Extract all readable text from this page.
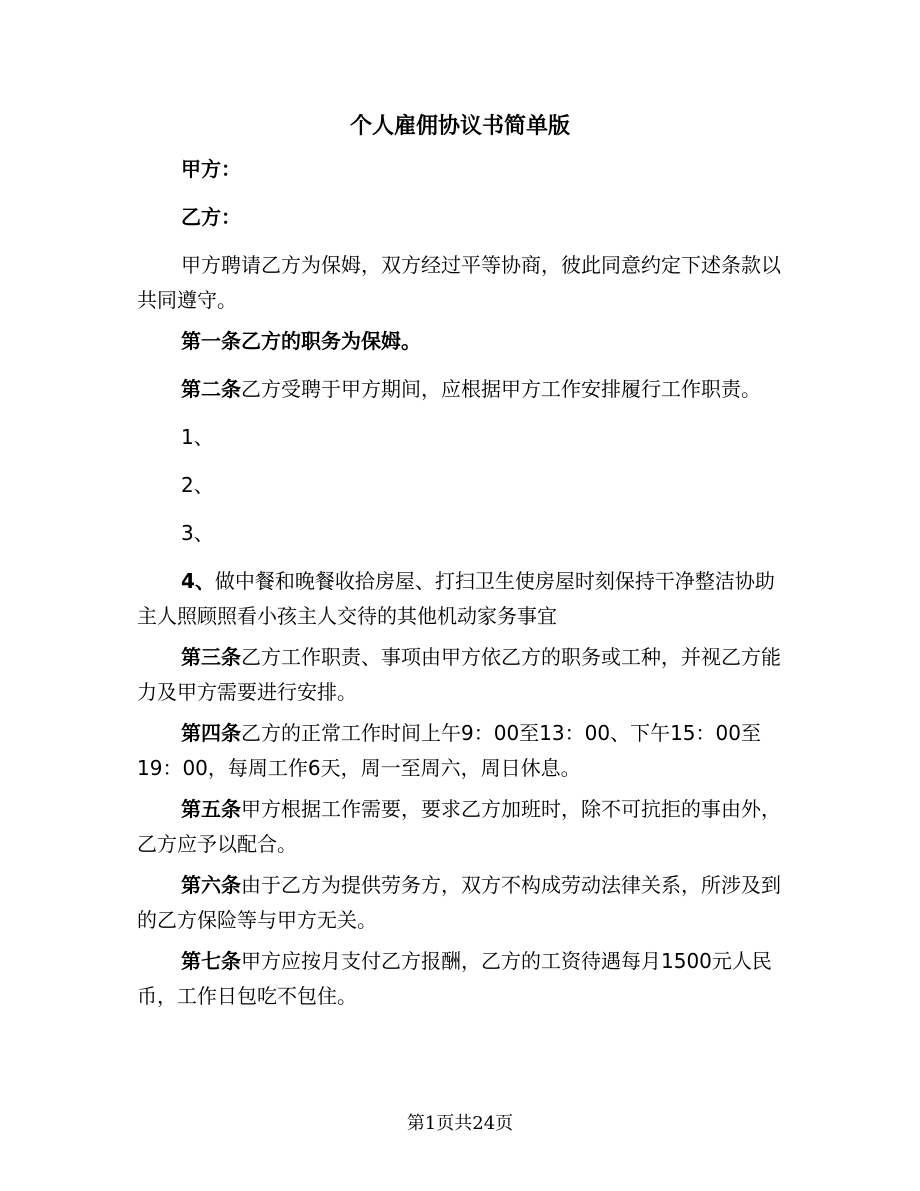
个人雇佣协议书简单版

甲方：

乙方：

甲方聘请乙方为保姆，双方经过平等协商，彼此同意约定下述条款以共同遵守。

第一条乙方的职务为保姆。

第二条乙方受聘于甲方期间，应根据甲方工作安排履行工作职责。

1、

2、

3、

4、做中餐和晚餐收拾房屋、打扫卫生使房屋时刻保持干净整洁协助主人照顾照看小孩主人交待的其他机动家务事宜

第三条乙方工作职责、事项由甲方依乙方的职务或工种，并视乙方能力及甲方需要进行安排。

第四条乙方的正常工作时间上午9：00至13：00、下午15：00至19：00，每周工作6天，周一至周六，周日休息。

第五条甲方根据工作需要，要求乙方加班时，除不可抗拒的事由外，乙方应予以配合。

第六条由于乙方为提供劳务方，双方不构成劳动法律关系，所涉及到的乙方保险等与甲方无关。

第七条甲方应按月支付乙方报酬，乙方的工资待遇每月1500元人民币，工作日包吃不包住。

第1页共24页
